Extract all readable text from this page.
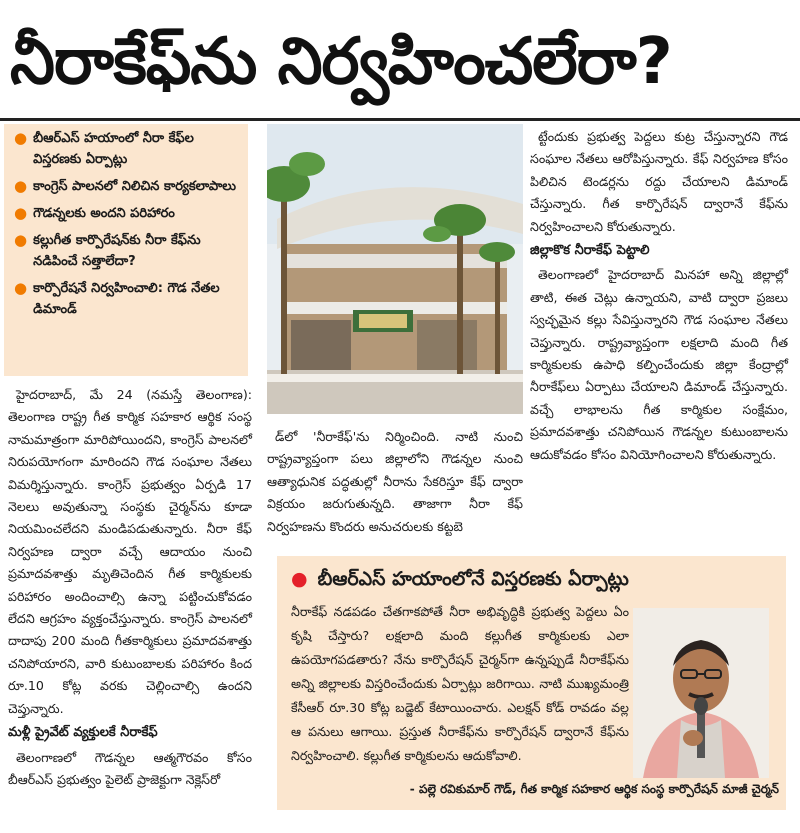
నీరాకేఫ్‌ను నిర్వహించలేరా?
● బీఆర్ఎస్ హయాంలో నీరా కేఫ్‌ల విస్తరణకు ఏర్పాట్లు
● కాంగ్రెస్ పాలనలో నిలిచిన కార్యకలాపాలు
● గౌడన్నలకు అందని పరిహారం
● కల్లుగీత కార్పొరేషన్‌కు నీరా కేఫ్‌ను నడిపించే సత్తాలేదా?
● కార్పొరేషనే నిర్వహించాలి: గౌడ నేతల డిమాండ్

హైదరాబాద్, మే 24 (నమస్తే తెలంగాణ): తెలంగాణ రాష్ట్ర గీత కార్మిక సహకార ఆర్థిక సంస్థ నామమాత్రంగా మారిపోయిందని, కాంగ్రెస్ పాలనలో నిరుపయోగంగా మారిందని గౌడ సంఘాల నేతలు విమర్శిస్తున్నారు. కాంగ్రెస్ ప్రభుత్వం ఏర్పడి 17 నెలలు అవుతున్నా సంస్థకు చైర్మన్‌ను కూడా నియమించలేదని మండిపడుతున్నారు. నీరా కేఫ్ నిర్వహణ ద్వారా వచ్చే ఆదాయం నుంచి ప్రమాదవశాత్తు మృతిచెందిన గీత కార్మికులకు పరిహారం అందించాల్సి ఉన్నా పట్టించుకోవడం లేదని ఆగ్రహం వ్యక్తంచేస్తున్నారు. కాంగ్రెస్ పాలనలో దాదాపు 200 మంది గీతకార్మికులు ప్రమాదవశాత్తు చనిపోయారని, వారి కుటుంబాలకు పరిహారం కింద రూ.10 కోట్ల వరకు చెల్లించాల్సి ఉందని చెప్తున్నారు.

మళ్లీ ప్రైవేట్ వ్యక్తులకే నీరాకేఫ్

తెలంగాణలో గౌడన్నల ఆత్మగౌరవం కోసం బీఆర్ఎస్ ప్రభుత్వం పైలెట్ ప్రాజెక్టుగా నెక్లెస్‌రో

డ్‌లో 'నీరాకేఫ్'ను నిర్మించింది. నాటి నుంచి రాష్ట్రవ్యాప్తంగా పలు జిల్లాలోని గౌడన్నల నుంచి ఆత్యాధునిక పద్ధతుల్లో నీరాను సేకరిస్తూ కేఫ్ ద్వారా విక్రయం జరుగుతున్నది. తాజాగా నీరా కేఫ్ నిర్వహణను కొందరు అనుచరులకు కట్టబె

ట్టేందుకు ప్రభుత్వ పెద్దలు కుట్ర చేస్తున్నారని గౌడ సంఘాల నేతలు ఆరోపిస్తున్నారు. కేఫ్ నిర్వహణ కోసం పిలిచిన టెండర్లను రద్దు చేయాలని డిమాండ్ చేస్తున్నారు. గీత కార్పొరేషన్ ద్వారానే కేఫ్‌ను నిర్వహించాలని కోరుతున్నారు.

జిల్లాకొక నీరాకేఫ్ పెట్టాలి

తెలంగాణలో హైదరాబాద్ మినహా అన్ని జిల్లాల్లో తాటి, ఈత చెట్లు ఉన్నాయని, వాటి ద్వారా ప్రజలు స్వచ్ఛమైన కల్లు సేవిస్తున్నారని గౌడ సంఘాల నేతలు చెప్తున్నారు. రాష్ట్రవ్యాప్తంగా లక్షలాది మంది గీత కార్మికులకు ఉపాధి కల్పించేందుకు జిల్లా కేంద్రాల్లో నీరాకేఫ్‌లు ఏర్పాటు చేయాలని డిమాండ్ చేస్తున్నారు. వచ్చే లాభాలను గీత కార్మికుల సంక్షేమం, ప్రమాదవశాత్తు చనిపోయిన గౌడన్నల కుటుంబాలను ఆదుకోవడం కోసం వినియోగించాలని కోరుతున్నారు.

● బీఆర్ఎస్ హయాంలోనే విస్తరణకు ఏర్పాట్లు
నీరాకేఫ్ నడపడం చేతగాకపోతే నీరా అభివృద్ధికి ప్రభుత్వ పెద్దలు ఏం కృషి చేస్తారు? లక్షలాది మంది కల్లుగీత కార్మికులకు ఎలా ఉపయోగపడతారు? నేను కార్పొరేషన్ చైర్మన్‌గా ఉన్నప్పుడే నీరాకేఫ్‌ను అన్ని జిల్లాలకు విస్తరించేందుకు ఏర్పాట్లు జరిగాయి. నాటి ముఖ్యమంత్రి కేసీఆర్ రూ.30 కోట్ల బడ్జెట్ కేటాయించారు. ఎలక్షన్ కోడ్ రావడం వల్ల ఆ పనులు ఆగాయి. ప్రస్తుత నీరాకేఫ్‌ను కార్పొరేషన్ ద్వారానే కేఫ్‌ను నిర్వహించాలి. కల్లుగీత కార్మికులను ఆదుకోవాలి.
- పల్లె రవికుమార్ గౌడ్, గీత కార్మిక సహకార ఆర్థిక సంస్థ కార్పొరేషన్ మాజీ చైర్మన్
